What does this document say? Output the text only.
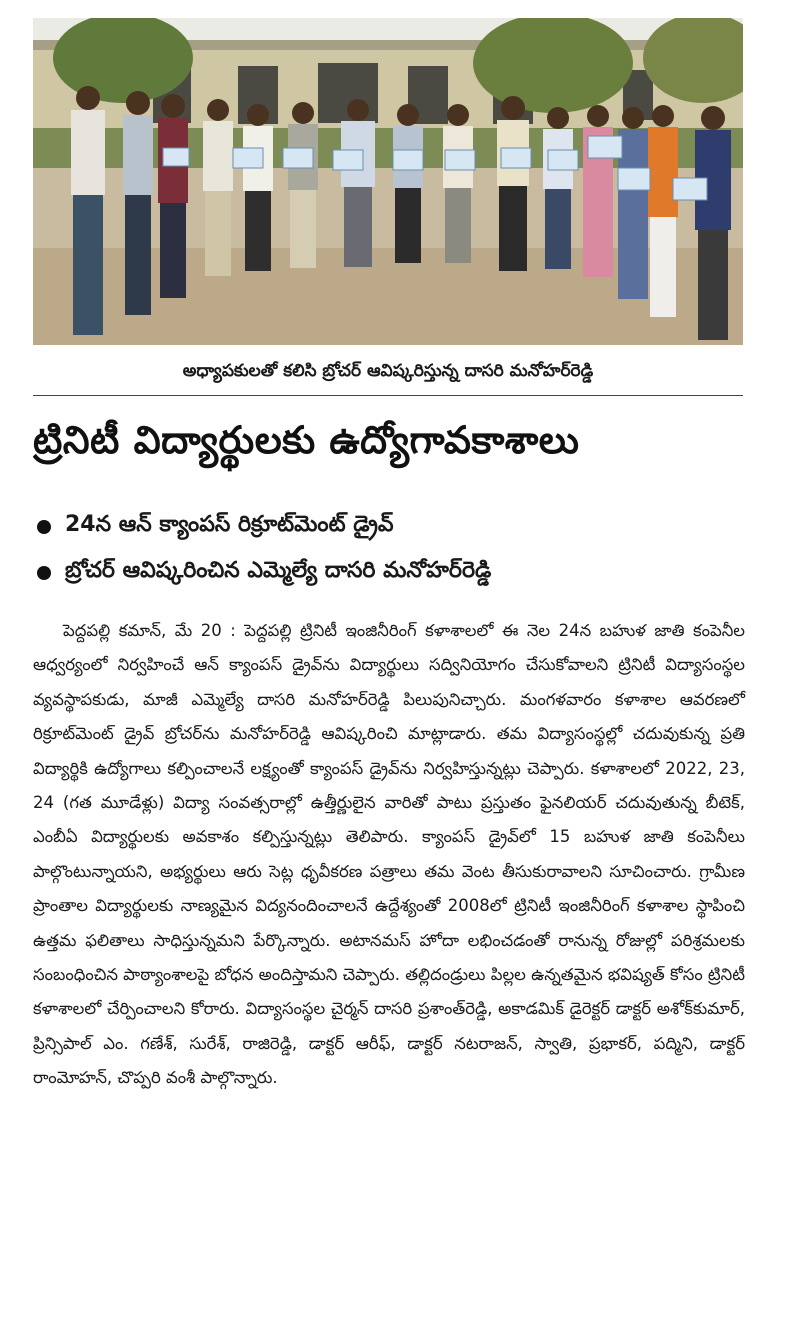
అధ్యాపకులతో కలిసి బ్రోచర్ ఆవిష్కరిస్తున్న దాసరి మనోహర్‌రెడ్డి
ట్రినిటీ విద్యార్థులకు ఉద్యోగావకాశాలు
24న ఆన్ క్యాంపస్ రిక్రూట్‌మెంట్ డ్రైవ్
బ్రోచర్ ఆవిష్కరించిన ఎమ్మెల్యే దాసరి మనోహర్‌రెడ్డి
పెద్దపల్లి కమాన్, మే 20 : పెద్దపల్లి ట్రినిటీ ఇంజినీరింగ్ కళాశాలలో ఈ నెల 24న బహుళ జాతి కంపెనీల ఆధ్వర్యంలో నిర్వహించే ఆన్ క్యాంపస్ డ్రైవ్‌ను విద్యార్థులు సద్వినియోగం చేసుకోవాలని ట్రినిటీ విద్యాసంస్థల వ్యవస్థాపకుడు, మాజీ ఎమ్మెల్యే దాసరి మనోహర్‌రెడ్డి పిలుపునిచ్చారు. మంగళవారం కళాశాల ఆవరణలో రిక్రూట్‌మెంట్ డ్రైవ్ బ్రోచర్‌ను మనోహర్‌రెడ్డి ఆవిష్కరించి మాట్లాడారు. తమ విద్యాసంస్థల్లో చదువుకున్న ప్రతి విద్యార్థికి ఉద్యోగాలు కల్పించాలనే లక్ష్యంతో క్యాంపస్ డ్రైవ్‌ను నిర్వహిస్తున్నట్లు చెప్పారు. కళాశాలలో 2022, 23, 24 (గత మూడేళ్లు) విద్యా సంవత్సరాల్లో ఉత్తీర్ణులైన వారితో పాటు ప్రస్తుతం ఫైనలియర్ చదువుతున్న బీటెక్, ఎంబీఏ విద్యార్థులకు అవకాశం కల్పిస్తున్నట్లు తెలిపారు. క్యాంపస్ డ్రైవ్‌లో 15 బహుళ జాతి కంపెనీలు పాల్గొంటున్నాయని, అభ్యర్థులు ఆరు సెట్ల ధృవీకరణ పత్రాలు తమ వెంట తీసుకురావాలని సూచించారు. గ్రామీణ ప్రాంతాల విద్యార్థులకు నాణ్యమైన విద్యనందించాలనే ఉద్దేశ్యంతో 2008లో ట్రినిటీ ఇంజినీరింగ్ కళాశాల స్థాపించి ఉత్తమ ఫలితాలు సాధిస్తున్నమని పేర్కొన్నారు. అటానమస్ హోదా లభించడంతో రానున్న రోజుల్లో పరిశ్రమలకు సంబంధించిన పాఠ్యాంశాలపై బోధన అందిస్తామని చెప్పారు. తల్లిదండ్రులు పిల్లల ఉన్నతమైన భవిష్యత్ కోసం ట్రినిటీ కళాశాలలో చేర్పించాలని కోరారు. విద్యాసంస్థల చైర్మన్ దాసరి ప్రశాంత్‌రెడ్డి, అకాడమిక్ డైరెక్టర్ డాక్టర్ అశోక్‌కుమార్, ప్రిన్సిపాల్ ఎం. గణేశ్, సురేశ్, రాజిరెడ్డి, డాక్టర్ ఆరీఫ్, డాక్టర్ నటరాజన్, స్వాతి, ప్రభాకర్, పద్మిని, డాక్టర్ రాంమోహన్, చొప్పరి వంశీ పాల్గొన్నారు.
